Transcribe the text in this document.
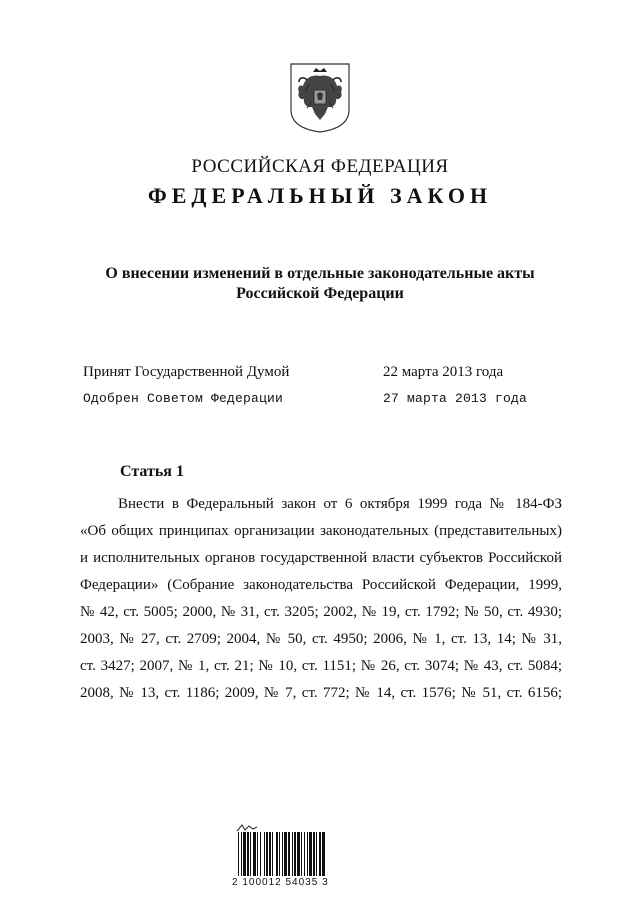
РОССИЙСКАЯ ФЕДЕРАЦИЯ
ФЕДЕРАЛЬНЫЙ ЗАКОН
О внесении изменений в отдельные законодательные акты
Российской Федерации
Принят Государственной Думой	22 марта 2013 года
Одобрен Советом Федерации	27 марта 2013 года
Статья 1
Внести в Федеральный закон от 6 октября 1999 года № 184-ФЗ
«Об общих принципах организации законодательных (представительных)
и исполнительных органов государственной власти субъектов Российской
Федерации» (Собрание законодательства Российской Федерации, 1999,
№ 42, ст. 5005; 2000, № 31, ст. 3205; 2002, № 19, ст. 1792; № 50, ст. 4930;
2003, № 27, ст. 2709; 2004, № 50, ст. 4950; 2006, № 1, ст. 13, 14; № 31,
ст. 3427; 2007, № 1, ст. 21; № 10, ст. 1151; № 26, ст. 3074; № 43, ст. 5084;
2008, № 13, ст. 1186; 2009, № 7, ст. 772; № 14, ст. 1576; № 51, ст. 6156;
2 100012 54035 3
